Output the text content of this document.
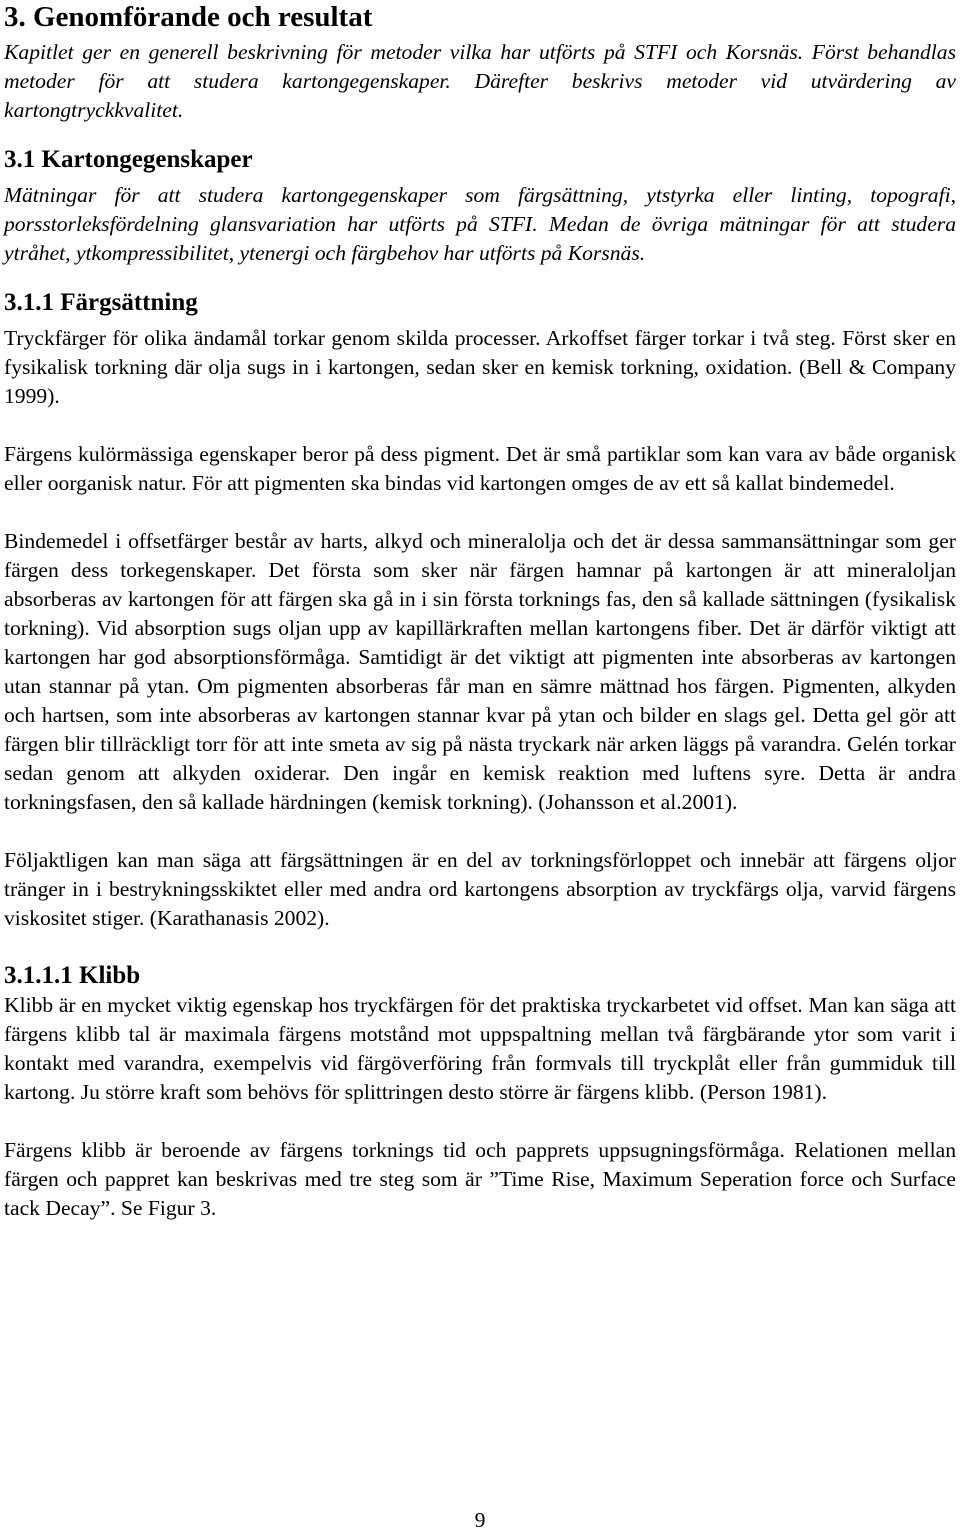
3. Genomförande och resultat

Kapitlet ger en generell beskrivning för metoder vilka har utförts på STFI och Korsnäs. Först behandlas metoder för att studera kartongegenskaper. Därefter beskrivs metoder vid utvärdering av kartongtryckkvalitet.

3.1 Kartongegenskaper

Mätningar för att studera kartongegenskaper som färgsättning, ytstyrka eller linting, topografi, porsstorleksfördelning glansvariation har utförts på STFI. Medan de övriga mätningar för att studera ytråhet, ytkompressibilitet, ytenergi och färgbehov har utförts på Korsnäs.

3.1.1 Färgsättning

Tryckfärger för olika ändamål torkar genom skilda processer. Arkoffset färger torkar i två steg. Först sker en fysikalisk torkning där olja sugs in i kartongen, sedan sker en kemisk torkning, oxidation. (Bell & Company 1999).

Färgens kulörmässiga egenskaper beror på dess pigment. Det är små partiklar som kan vara av både organisk eller oorganisk natur. För att pigmenten ska bindas vid kartongen omges de av ett så kallat bindemedel.

Bindemedel i offsetfärger består av harts, alkyd och mineralolja och det är dessa sammansättningar som ger färgen dess torkegenskaper. Det första som sker när färgen hamnar på kartongen är att mineraloljan absorberas av kartongen för att färgen ska gå in i sin första torknings fas, den så kallade sättningen (fysikalisk torkning). Vid absorption sugs oljan upp av kapillärkraften mellan kartongens fiber. Det är därför viktigt att kartongen har god absorptionsförmåga. Samtidigt är det viktigt att pigmenten inte absorberas av kartongen utan stannar på ytan. Om pigmenten absorberas får man en sämre mättnad hos färgen. Pigmenten, alkyden och hartsen, som inte absorberas av kartongen stannar kvar på ytan och bilder en slags gel. Detta gel gör att färgen blir tillräckligt torr för att inte smeta av sig på nästa tryckark när arken läggs på varandra. Gelén torkar sedan genom att alkyden oxiderar. Den ingår en kemisk reaktion med luftens syre. Detta är andra torkningsfasen, den så kallade härdningen (kemisk torkning). (Johansson et al.2001).

Följaktligen kan man säga att färgsättningen är en del av torkningsförloppet och innebär att färgens oljor tränger in i bestrykningsskiktet eller med andra ord kartongens absorption av tryckfärgs olja, varvid färgens viskositet stiger. (Karathanasis 2002).

3.1.1.1 Klibb

Klibb är en mycket viktig egenskap hos tryckfärgen för det praktiska tryckarbetet vid offset. Man kan säga att färgens klibb tal är maximala färgens motstånd mot uppspaltning mellan två färgbärande ytor som varit i kontakt med varandra, exempelvis vid färgöverföring från formvals till tryckplåt eller från gummiduk till kartong. Ju större kraft som behövs för splittringen desto större är färgens klibb. (Person 1981).

Färgens klibb är beroende av färgens torknings tid och papprets uppsugningsförmåga. Relationen mellan färgen och pappret kan beskrivas med tre steg som är ”Time Rise, Maximum Seperation force och Surface tack Decay”. Se Figur 3.

9
